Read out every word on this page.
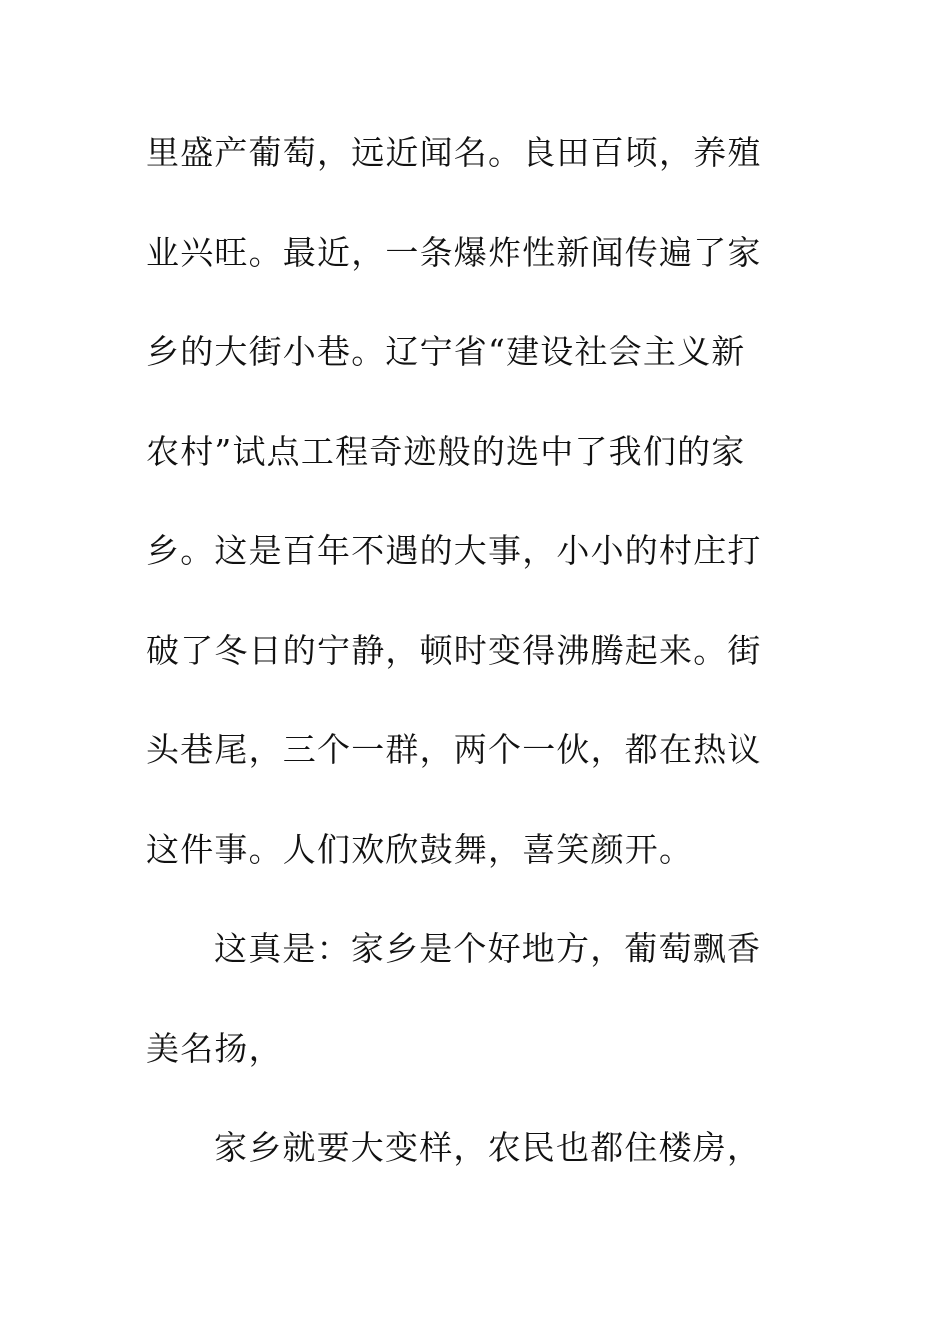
里盛产葡萄，远近闻名。良田百顷，养殖
业兴旺。最近，一条爆炸性新闻传遍了家
乡的大街小巷。辽宁省“建设社会主义新
农村”试点工程奇迹般的选中了我们的家
乡。这是百年不遇的大事，小小的村庄打
破了冬日的宁静，顿时变得沸腾起来。街
头巷尾，三个一群，两个一伙，都在热议
这件事。人们欢欣鼓舞，喜笑颜开。
这真是：家乡是个好地方，葡萄飘香
美名扬，
家乡就要大变样，农民也都住楼房，
